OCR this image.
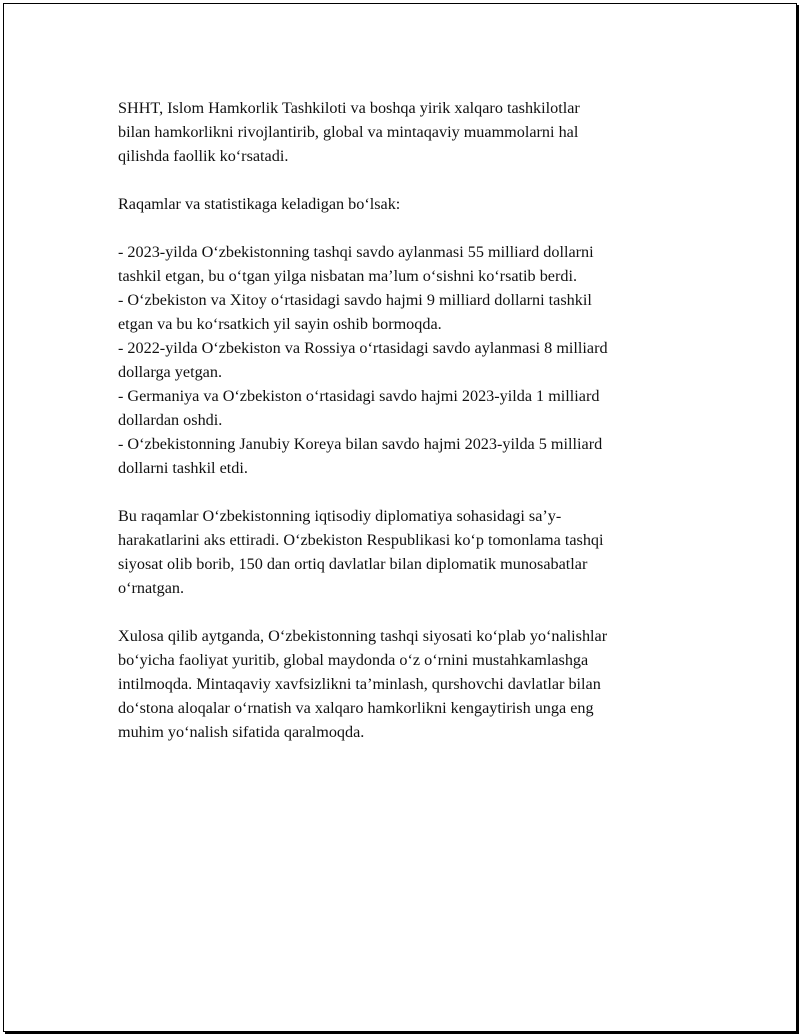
SHHT, Islom Hamkorlik Tashkiloti va boshqa yirik xalqaro tashkilotlar
bilan hamkorlikni rivojlantirib, global va mintaqaviy muammolarni hal
qilishda faollik ko‘rsatadi.

Raqamlar va statistikaga keladigan bo‘lsak:

- 2023-yilda O‘zbekistonning tashqi savdo aylanmasi 55 milliard dollarni
tashkil etgan, bu o‘tgan yilga nisbatan ma’lum o‘sishni ko‘rsatib berdi.
- O‘zbekiston va Xitoy o‘rtasidagi savdo hajmi 9 milliard dollarni tashkil
etgan va bu ko‘rsatkich yil sayin oshib bormoqda.
- 2022-yilda O‘zbekiston va Rossiya o‘rtasidagi savdo aylanmasi 8 milliard
dollarga yetgan.
- Germaniya va O‘zbekiston o‘rtasidagi savdo hajmi 2023-yilda 1 milliard
dollardan oshdi.
- O‘zbekistonning Janubiy Koreya bilan savdo hajmi 2023-yilda 5 milliard
dollarni tashkil etdi.

Bu raqamlar O‘zbekistonning iqtisodiy diplomatiya sohasidagi sa’y-
harakatlarini aks ettiradi. O‘zbekiston Respublikasi ko‘p tomonlama tashqi
siyosat olib borib, 150 dan ortiq davlatlar bilan diplomatik munosabatlar
o‘rnatgan.

Xulosa qilib aytganda, O‘zbekistonning tashqi siyosati ko‘plab yo‘nalishlar
bo‘yicha faoliyat yuritib, global maydonda o‘z o‘rnini mustahkamlashga
intilmoqda. Mintaqaviy xavfsizlikni ta’minlash, qurshovchi davlatlar bilan
do‘stona aloqalar o‘rnatish va xalqaro hamkorlikni kengaytirish unga eng
muhim yo‘nalish sifatida qaralmoqda.
